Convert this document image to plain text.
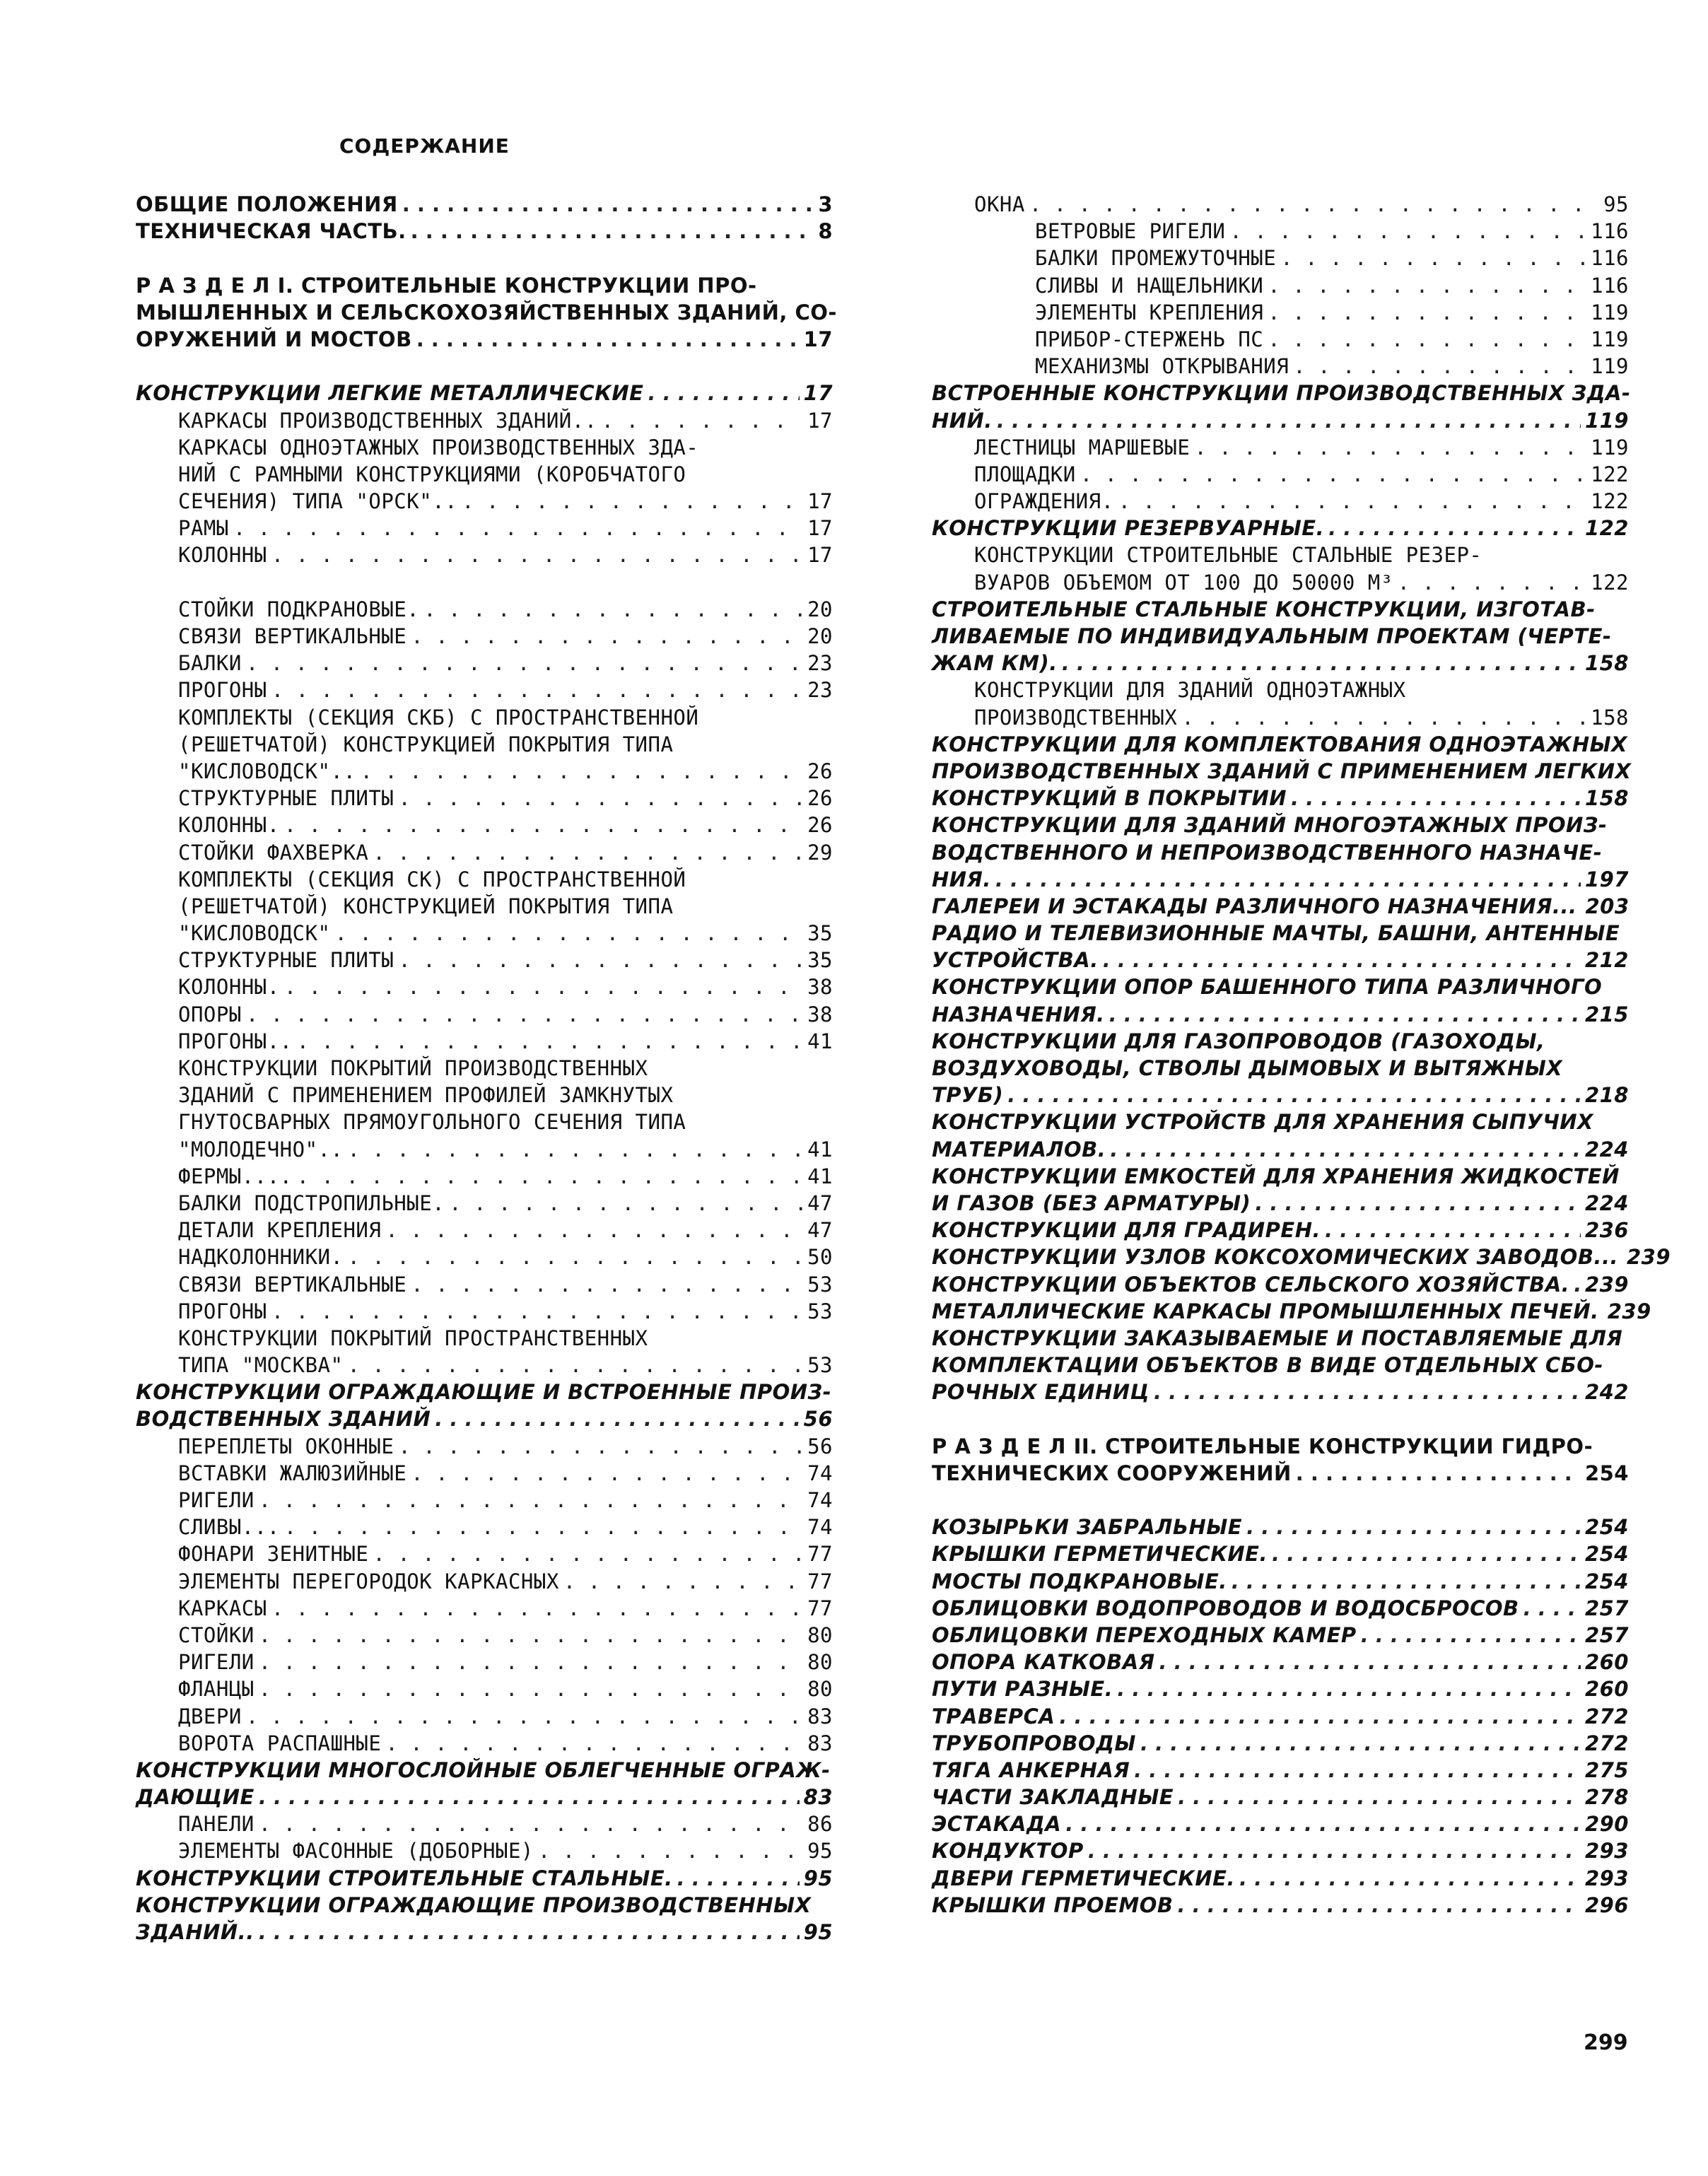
СОДЕРЖАНИЕ
ОБЩИЕ ПОЛОЖЕНИЯ . . .	3
ТЕХНИЧЕСКАЯ ЧАСТЬ. . . .	8
Р А З Д Е Л I. СТРОИТЕЛЬНЫЕ КОНСТРУКЦИИ ПРО-
МЫШЛЕННЫХ И СЕЛЬСКОХОЗЯЙСТВЕННЫХ ЗДАНИЙ, СО-
ОРУЖЕНИЙ И МОСТОВ . . .	17
КОНСТРУКЦИИ ЛЕГКИЕ МЕТАЛЛИЧЕСКИЕ . . .	17
КАРКАСЫ ПРОИЗВОДСТВЕННЫХ ЗДАНИЙ.. . . .	17
КАРКАСЫ ОДНОЭТАЖНЫХ ПРОИЗВОДСТВЕННЫХ ЗДА-
НИЙ С РАМНЫМИ КОНСТРУКЦИЯМИ (КОРОБЧАТОГО
СЕЧЕНИЯ) ТИПА "ОРСК".. . . .	17
РАМЫ . . .	17
КОЛОННЫ . . .	17
СТОЙКИ ПОДКРАНОВЫЕ. . . .	20
СВЯЗИ ВЕРТИКАЛЬНЫЕ . . .	20
БАЛКИ . . .	23
ПРОГОНЫ . . .	23
КОМПЛЕКТЫ (СЕКЦИЯ СКБ) С ПРОСТРАНСТВЕННОЙ
(РЕШЕТЧАТОЙ) КОНСТРУКЦИЕЙ ПОКРЫТИЯ ТИПА
"КИСЛОВОДСК".. . . .	26
СТРУКТУРНЫЕ ПЛИТЫ . . .	26
КОЛОННЫ. . . .	26
СТОЙКИ ФАХВЕРКА . . .	29
КОМПЛЕКТЫ (СЕКЦИЯ СК) С ПРОСТРАНСТВЕННОЙ
(РЕШЕТЧАТОЙ) КОНСТРУКЦИЕЙ ПОКРЫТИЯ ТИПА
"КИСЛОВОДСК" . . .	35
СТРУКТУРНЫЕ ПЛИТЫ . . .	35
КОЛОННЫ. . . .	38
ОПОРЫ . . .	38
ПРОГОНЫ.. . . .	41
КОНСТРУКЦИИ ПОКРЫТИЙ ПРОИЗВОДСТВЕННЫХ
ЗДАНИЙ С ПРИМЕНЕНИЕМ ПРОФИЛЕЙ ЗАМКНУТЫХ
ГНУТОСВАРНЫХ ПРЯМОУГОЛЬНОГО СЕЧЕНИЯ ТИПА
"МОЛОДЕЧНО".. . . .	41
ФЕРМЫ.... . . .	41
БАЛКИ ПОДСТРОПИЛЬНЫЕ. . . .	47
ДЕТАЛИ КРЕПЛЕНИЯ . . .	47
НАДКОЛОННИКИ. . . .	50
СВЯЗИ ВЕРТИКАЛЬНЫЕ . . .	53
ПРОГОНЫ . . .	53
КОНСТРУКЦИИ ПОКРЫТИЙ ПРОСТРАНСТВЕННЫХ
ТИПА "МОСКВА" . . .	53
КОНСТРУКЦИИ ОГРАЖДАЮЩИЕ И ВСТРОЕННЫЕ ПРОИЗ-
ВОДСТВЕННЫХ ЗДАНИЙ . . .	56
ПЕРЕПЛЕТЫ ОКОННЫЕ . . .	56
ВСТАВКИ ЖАЛЮЗИЙНЫЕ . . .	74
РИГЕЛИ . . .	74
СЛИВЫ... . . .	74
ФОНАРИ ЗЕНИТНЫЕ . . .	77
ЭЛЕМЕНТЫ ПЕРЕГОРОДОК КАРКАСНЫХ . . .	77
КАРКАСЫ . . .	77
СТОЙКИ . . .	80
РИГЕЛИ . . .	80
ФЛАНЦЫ . . .	80
ДВЕРИ . . .	83
ВОРОТА РАСПАШНЫЕ . . .	83
КОНСТРУКЦИИ МНОГОСЛОЙНЫЕ ОБЛЕГЧЕННЫЕ ОГРАЖ-
ДАЮЩИЕ . . .	83
ПАНЕЛИ . . .	86
ЭЛЕМЕНТЫ ФАСОННЫЕ (ДОБОРНЫЕ) . . .	95
КОНСТРУКЦИИ СТРОИТЕЛЬНЫЕ СТАЛЬНЫЕ. . . .	95
КОНСТРУКЦИИ ОГРАЖДАЮЩИЕ ПРОИЗВОДСТВЕННЫХ
ЗДАНИЙ.. . . .	95
ОКНА . . .	95
ВЕТРОВЫЕ РИГЕЛИ . . .	116
БАЛКИ ПРОМЕЖУТОЧНЫЕ . . .	116
СЛИВЫ И НАЩЕЛЬНИКИ . . .	116
ЭЛЕМЕНТЫ КРЕПЛЕНИЯ . . .	119
ПРИБОР-СТЕРЖЕНЬ ПС . . .	119
МЕХАНИЗМЫ ОТКРЫВАНИЯ . . .	119
ВСТРОЕННЫЕ КОНСТРУКЦИИ ПРОИЗВОДСТВЕННЫХ ЗДА-
НИЙ. . . .	119
ЛЕСТНИЦЫ МАРШЕВЫЕ . . .	119
ПЛОЩАДКИ . . .	122
ОГРАЖДЕНИЯ. . . .	122
КОНСТРУКЦИИ РЕЗЕРВУАРНЫЕ. . . .	122
КОНСТРУКЦИИ СТРОИТЕЛЬНЫЕ СТАЛЬНЫЕ РЕЗЕР-
ВУАРОВ ОБЪЕМОМ ОТ 100 ДО 50000 М³ . . .	122
СТРОИТЕЛЬНЫЕ СТАЛЬНЫЕ КОНСТРУКЦИИ, ИЗГОТАВ-
ЛИВАЕМЫЕ ПО ИНДИВИДУАЛЬНЫМ ПРОЕКТАМ (ЧЕРТЕ-
ЖАМ КМ). . . .	158
КОНСТРУКЦИИ ДЛЯ ЗДАНИЙ ОДНОЭТАЖНЫХ
ПРОИЗВОДСТВЕННЫХ . . .	158
КОНСТРУКЦИИ ДЛЯ КОМПЛЕКТОВАНИЯ ОДНОЭТАЖНЫХ
ПРОИЗВОДСТВЕННЫХ ЗДАНИЙ С ПРИМЕНЕНИЕМ ЛЕГКИХ
КОНСТРУКЦИЙ В ПОКРЫТИИ . . .	158
КОНСТРУКЦИИ ДЛЯ ЗДАНИЙ МНОГОЭТАЖНЫХ ПРОИЗ-
ВОДСТВЕННОГО И НЕПРОИЗВОДСТВЕННОГО НАЗНАЧЕ-
НИЯ. . . .	197
ГАЛЕРЕИ И ЭСТАКАДЫ РАЗЛИЧНОГО НАЗНАЧЕНИЯ... 203
РАДИО И ТЕЛЕВИЗИОННЫЕ МАЧТЫ, БАШНИ, АНТЕННЫЕ
УСТРОЙСТВА. . . .	212
КОНСТРУКЦИИ ОПОР БАШЕННОГО ТИПА РАЗЛИЧНОГО
НАЗНАЧЕНИЯ. . . .	215
КОНСТРУКЦИИ ДЛЯ ГАЗОПРОВОДОВ (ГАЗОХОДЫ,
ВОЗДУХОВОДЫ, СТВОЛЫ ДЫМОВЫХ И ВЫТЯЖНЫХ
ТРУБ) . . .	218
КОНСТРУКЦИИ УСТРОЙСТВ ДЛЯ ХРАНЕНИЯ СЫПУЧИХ
МАТЕРИАЛОВ. . . .	224
КОНСТРУКЦИИ ЕМКОСТЕЙ ДЛЯ ХРАНЕНИЯ ЖИДКОСТЕЙ
И ГАЗОВ (БЕЗ АРМАТУРЫ) . . .	224
КОНСТРУКЦИИ ДЛЯ ГРАДИРЕН. . . .	236
КОНСТРУКЦИИ УЗЛОВ КОКСОХОМИЧЕСКИХ ЗАВОДОВ... 239
КОНСТРУКЦИИ ОБЪЕКТОВ СЕЛЬСКОГО ХОЗЯЙСТВА. . . . 239
МЕТАЛЛИЧЕСКИЕ КАРКАСЫ ПРОМЫШЛЕННЫХ ПЕЧЕЙ. 239
КОНСТРУКЦИИ ЗАКАЗЫВАЕМЫЕ И ПОСТАВЛЯЕМЫЕ ДЛЯ
КОМПЛЕКТАЦИИ ОБЪЕКТОВ В ВИДЕ ОТДЕЛЬНЫХ СБО-
РОЧНЫХ ЕДИНИЦ . . .	242
Р А З Д Е Л II. СТРОИТЕЛЬНЫЕ КОНСТРУКЦИИ ГИДРО-
ТЕХНИЧЕСКИХ СООРУЖЕНИЙ . . .	254
КОЗЫРЬКИ ЗАБРАЛЬНЫЕ . . .	254
КРЫШКИ ГЕРМЕТИЧЕСКИЕ. . . .	254
МОСТЫ ПОДКРАНОВЫЕ. . . .	254
ОБЛИЦОВКИ ВОДОПРОВОДОВ И ВОДОСБРОСОВ . . .	257
ОБЛИЦОВКИ ПЕРЕХОДНЫХ КАМЕР . . .	257
ОПОРА КАТКОВАЯ . . .	260
ПУТИ РАЗНЫЕ. . . .	260
ТРАВЕРСА . . .	272
ТРУБОПРОВОДЫ . . .	272
ТЯГА АНКЕРНАЯ . . .	275
ЧАСТИ ЗАКЛАДНЫЕ . . .	278
ЭСТАКАДА . . .	290
КОНДУКТОР . . .	293
ДВЕРИ ГЕРМЕТИЧЕСКИЕ. . . .	293
КРЫШКИ ПРОЕМОВ . . .	296
299
